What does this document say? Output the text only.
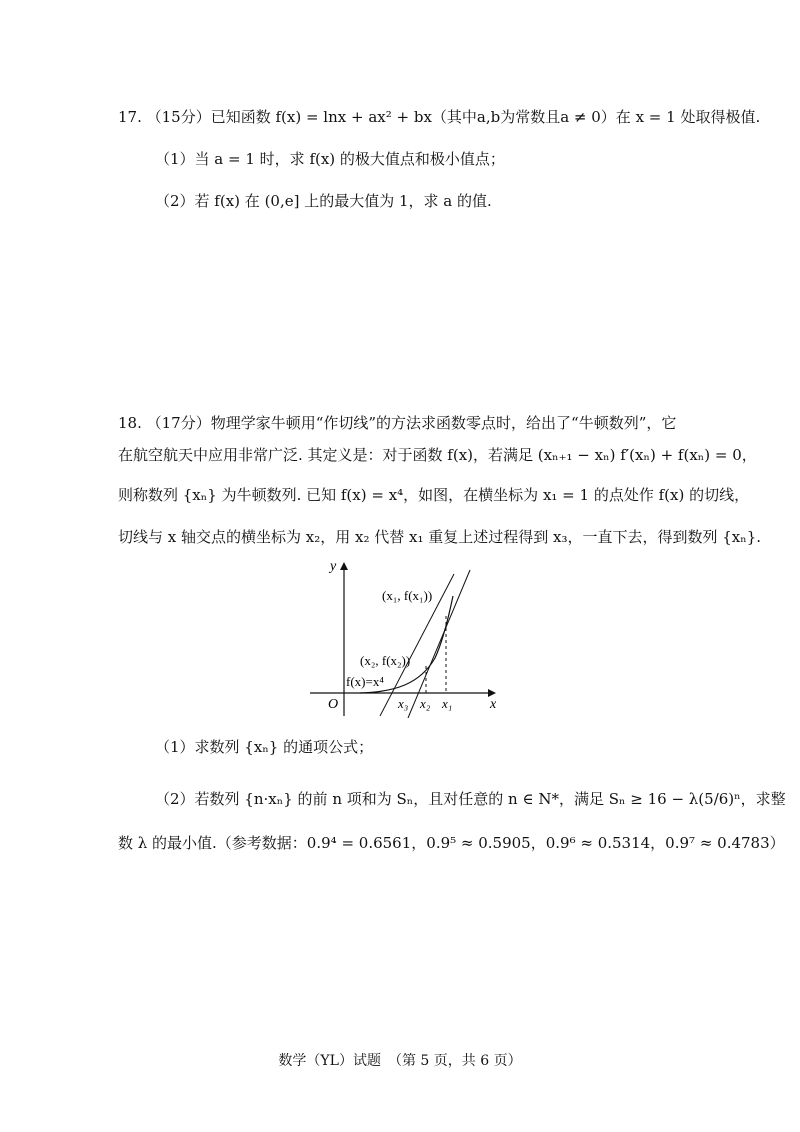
17. （15分）已知函数 f(x) = lnx + ax² + bx（其中a,b为常数且a ≠ 0）在 x = 1 处取得极值.
（1）当 a = 1 时，求 f(x) 的极大值点和极小值点；
（2）若 f(x) 在 (0,e] 上的最大值为 1，求 a 的值.
18. （17分）物理学家牛顿用“作切线”的方法求函数零点时，给出了“牛顿数列”，它
在航空航天中应用非常广泛. 其定义是：对于函数 f(x)，若满足 (xₙ₊₁ − xₙ) f′(xₙ) + f(xₙ) = 0，
则称数列 {xₙ} 为牛顿数列. 已知 f(x) = x⁴，如图，在横坐标为 x₁ = 1 的点处作 f(x) 的切线，
切线与 x 轴交点的横坐标为 x₂，用 x₂ 代替 x₁ 重复上述过程得到 x₃，一直下去，得到数列 {xₙ}.
y
x
O
(x₁, f(x₁))
(x₂, f(x₂))
f(x)=x⁴
x₃ x₂ x₁
（1）求数列 {xₙ} 的通项公式；
（2）若数列 {n·xₙ} 的前 n 项和为 Sₙ，且对任意的 n ∈ N*，满足 Sₙ ≥ 16 − λ(5/6)ⁿ，求整
数 λ 的最小值.（参考数据：0.9⁴ = 0.6561，0.9⁵ ≈ 0.5905，0.9⁶ ≈ 0.5314，0.9⁷ ≈ 0.4783）
数学（YL）试题　（第 5 页，共 6 页）
